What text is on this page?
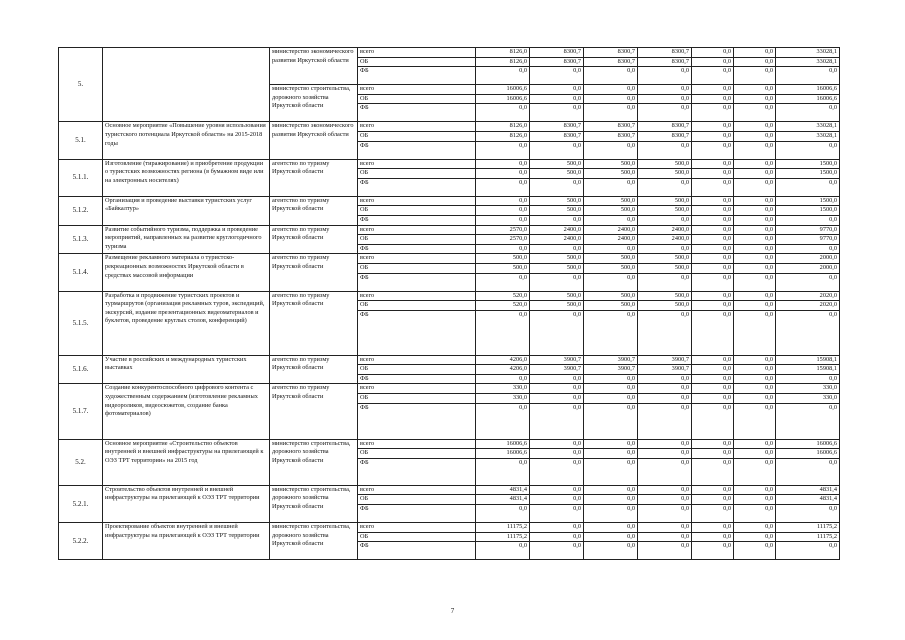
5.		министерство экономического развития Иркутской области	всего	8126,0	8300,7	8300,7	8300,7	0,0	0,0	33028,1
			ОБ	8126,0	8300,7	8300,7	8300,7	0,0	0,0	33028,1
			ФБ	0,0	0,0	0,0	0,0	0,0	0,0	0,0
		министерство строительства, дорожного хозяйства Иркутской области	всего	16006,6	0,0	0,0	0,0	0,0	0,0	16006,6
			ОБ	16006,6	0,0	0,0	0,0	0,0	0,0	16006,6
			ФБ	0,0	0,0	0,0	0,0	0,0	0,0	0,0
5.1.	Основное мероприятие «Повышение уровня использования туристского потенциала Иркутской области» на 2015-2018 годы	министерство экономического развития Иркутской области	всего	8126,0	8300,7	8300,7	8300,7	0,0	0,0	33028,1
			ОБ	8126,0	8300,7	8300,7	8300,7	0,0	0,0	33028,1
			ФБ	0,0	0,0	0,0	0,0	0,0	0,0	0,0
5.1.1.	Изготовление (тиражирование) и приобретение продукции о туристских возможностях региона (в бумажном виде или на электронных носителях)	агентство по туризму Иркутской области	всего	0,0	500,0	500,0	500,0	0,0	0,0	1500,0
			ОБ	0,0	500,0	500,0	500,0	0,0	0,0	1500,0
			ФБ	0,0	0,0	0,0	0,0	0,0	0,0	0,0
5.1.2.	Организация и проведение выставки туристских услуг «Байкалтур»	агентство по туризму Иркутской области	всего	0,0	500,0	500,0	500,0	0,0	0,0	1500,0
			ОБ	0,0	500,0	500,0	500,0	0,0	0,0	1500,0
			ФБ	0,0	0,0	0,0	0,0	0,0	0,0	0,0
5.1.3.	Развитие событийного туризма, поддержка и проведение мероприятий, направленных на развитие круглогодичного туризма	агентство по туризму Иркутской области	всего	2570,0	2400,0	2400,0	2400,0	0,0	0,0	9770,0
			ОБ	2570,0	2400,0	2400,0	2400,0	0,0	0,0	9770,0
			ФБ	0,0	0,0	0,0	0,0	0,0	0,0	0,0
5.1.4.	Размещение рекламного материала о туристско-рекреационных возможностях Иркутской области в средствах массовой информации	агентство по туризму Иркутской области	всего	500,0	500,0	500,0	500,0	0,0	0,0	2000,0
			ОБ	500,0	500,0	500,0	500,0	0,0	0,0	2000,0
			ФБ	0,0	0,0	0,0	0,0	0,0	0,0	0,0
5.1.5.	Разработка и продвижение туристских проектов и турмаршрутов (организация рекламных туров, экспедиций, экскурсий, издание презентационных видеоматериалов и буклетов, проведение круглых столов, конференций)	агентство по туризму Иркутской области	всего	520,0	500,0	500,0	500,0	0,0	0,0	2020,0
			ОБ	520,0	500,0	500,0	500,0	0,0	0,0	2020,0
			ФБ	0,0	0,0	0,0	0,0	0,0	0,0	0,0
5.1.6.	Участие в российских и международных туристских выставках	агентство по туризму Иркутской области	всего	4206,0	3900,7	3900,7	3900,7	0,0	0,0	15908,1
			ОБ	4206,0	3900,7	3900,7	3900,7	0,0	0,0	15908,1
			ФБ	0,0	0,0	0,0	0,0	0,0	0,0	0,0
5.1.7.	Создание конкурентоспособного цифрового контента с художественным содержанием (изготовление рекламных видеороликов, видеосюжетов, создание банка фотоматериалов)	агентство по туризму Иркутской области	всего	330,0	0,0	0,0	0,0	0,0	0,0	330,0
			ОБ	330,0	0,0	0,0	0,0	0,0	0,0	330,0
			ФБ	0,0	0,0	0,0	0,0	0,0	0,0	0,0
5.2.	Основное мероприятие «Строительство объектов внутренней и внешней инфраструктуры на прилегающей к ОЭЗ ТРТ территории» на 2015 год	министерство строительства, дорожного хозяйства Иркутской области	всего	16006,6	0,0	0,0	0,0	0,0	0,0	16006,6
			ОБ	16006,6	0,0	0,0	0,0	0,0	0,0	16006,6
			ФБ	0,0	0,0	0,0	0,0	0,0	0,0	0,0
5.2.1.	Строительство объектов внутренней и внешней инфраструктуры на прилегающей к ОЭЗ ТРТ территории	министерство строительства, дорожного хозяйства Иркутской области	всего	4831,4	0,0	0,0	0,0	0,0	0,0	4831,4
			ОБ	4831,4	0,0	0,0	0,0	0,0	0,0	4831,4
			ФБ	0,0	0,0	0,0	0,0	0,0	0,0	0,0
5.2.2.	Проектирование объектов внутренней и внешней инфраструктуры на прилегающей к ОЭЗ ТРТ территории	министерство строительства, дорожного хозяйства Иркутской области	всего	11175,2	0,0	0,0	0,0	0,0	0,0	11175,2
			ОБ	11175,2	0,0	0,0	0,0	0,0	0,0	11175,2
			ФБ	0,0	0,0	0,0	0,0	0,0	0,0	0,0
7
